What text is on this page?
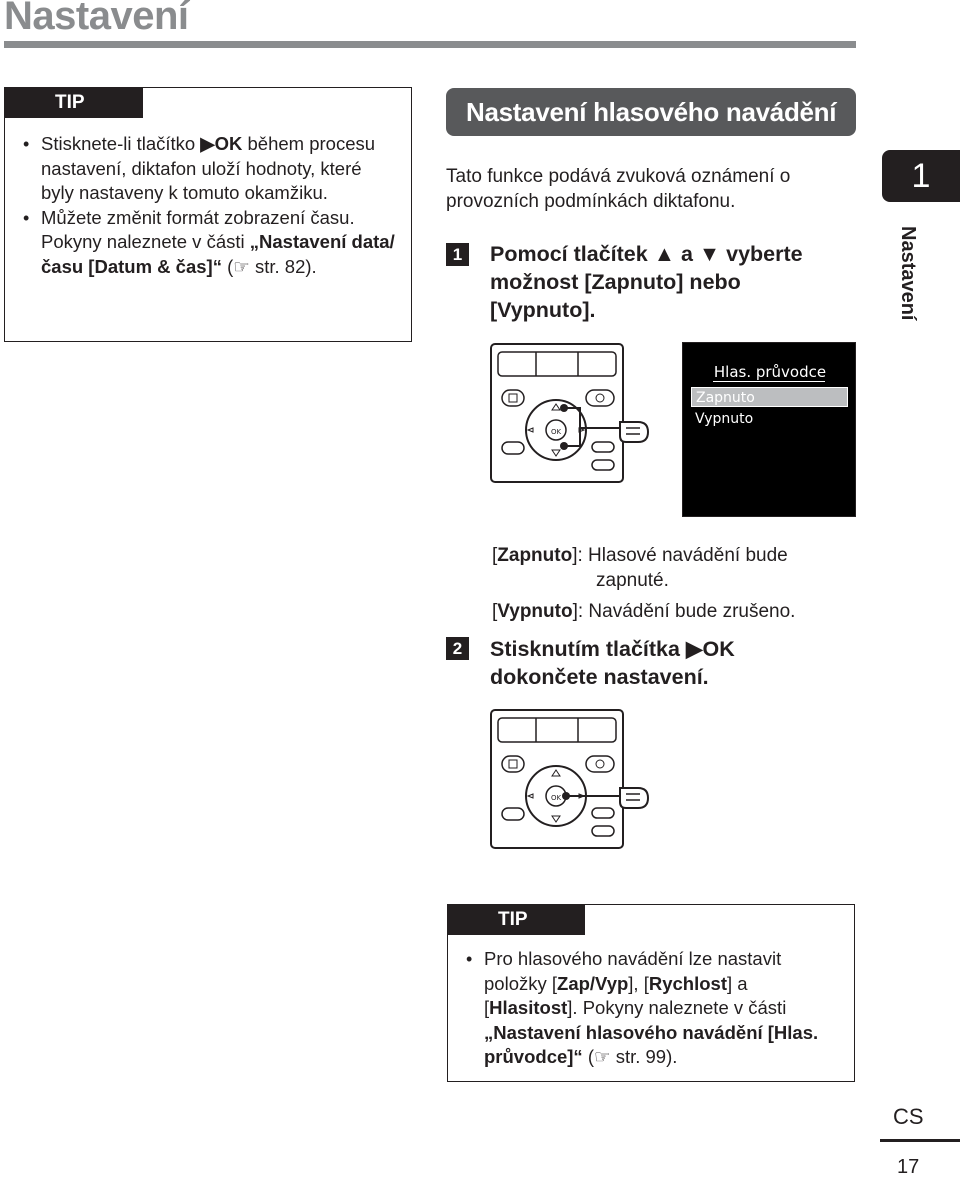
Nastavení
TIP
• Stisknete-li tlačítko ▶OK během procesu nastavení, diktafon uloží hodnoty, které byly nastaveny k tomuto okamžiku.
• Můžete změnit formát zobrazení času. Pokyny naleznete v části „Nastavení data/času [Datum & čas]“ (☞ str. 82).
Nastavení hlasového navádění
Tato funkce podává zvuková oznámení o provozních podmínkách diktafonu.
1	Pomocí tlačítek ▲ a ▼ vyberte
možnost [Zapnuto] nebo
[Vypnuto].
1
Nastavení
OK
Hlas. průvodce
Zapnuto
Vypnuto
[Zapnuto]: Hlasové navádění bude
zapnuté.
[Vypnuto]: Navádění bude zrušeno.
2	Stisknutím tlačítka ▶OK
dokončete nastavení.
OK
TIP
• Pro hlasového navádění lze nastavit položky [Zap/Vyp], [Rychlost] a [Hlasitost]. Pokyny naleznete v části „Nastavení hlasového navádění [Hlas. průvodce]“ (☞ str. 99).
CS
17
